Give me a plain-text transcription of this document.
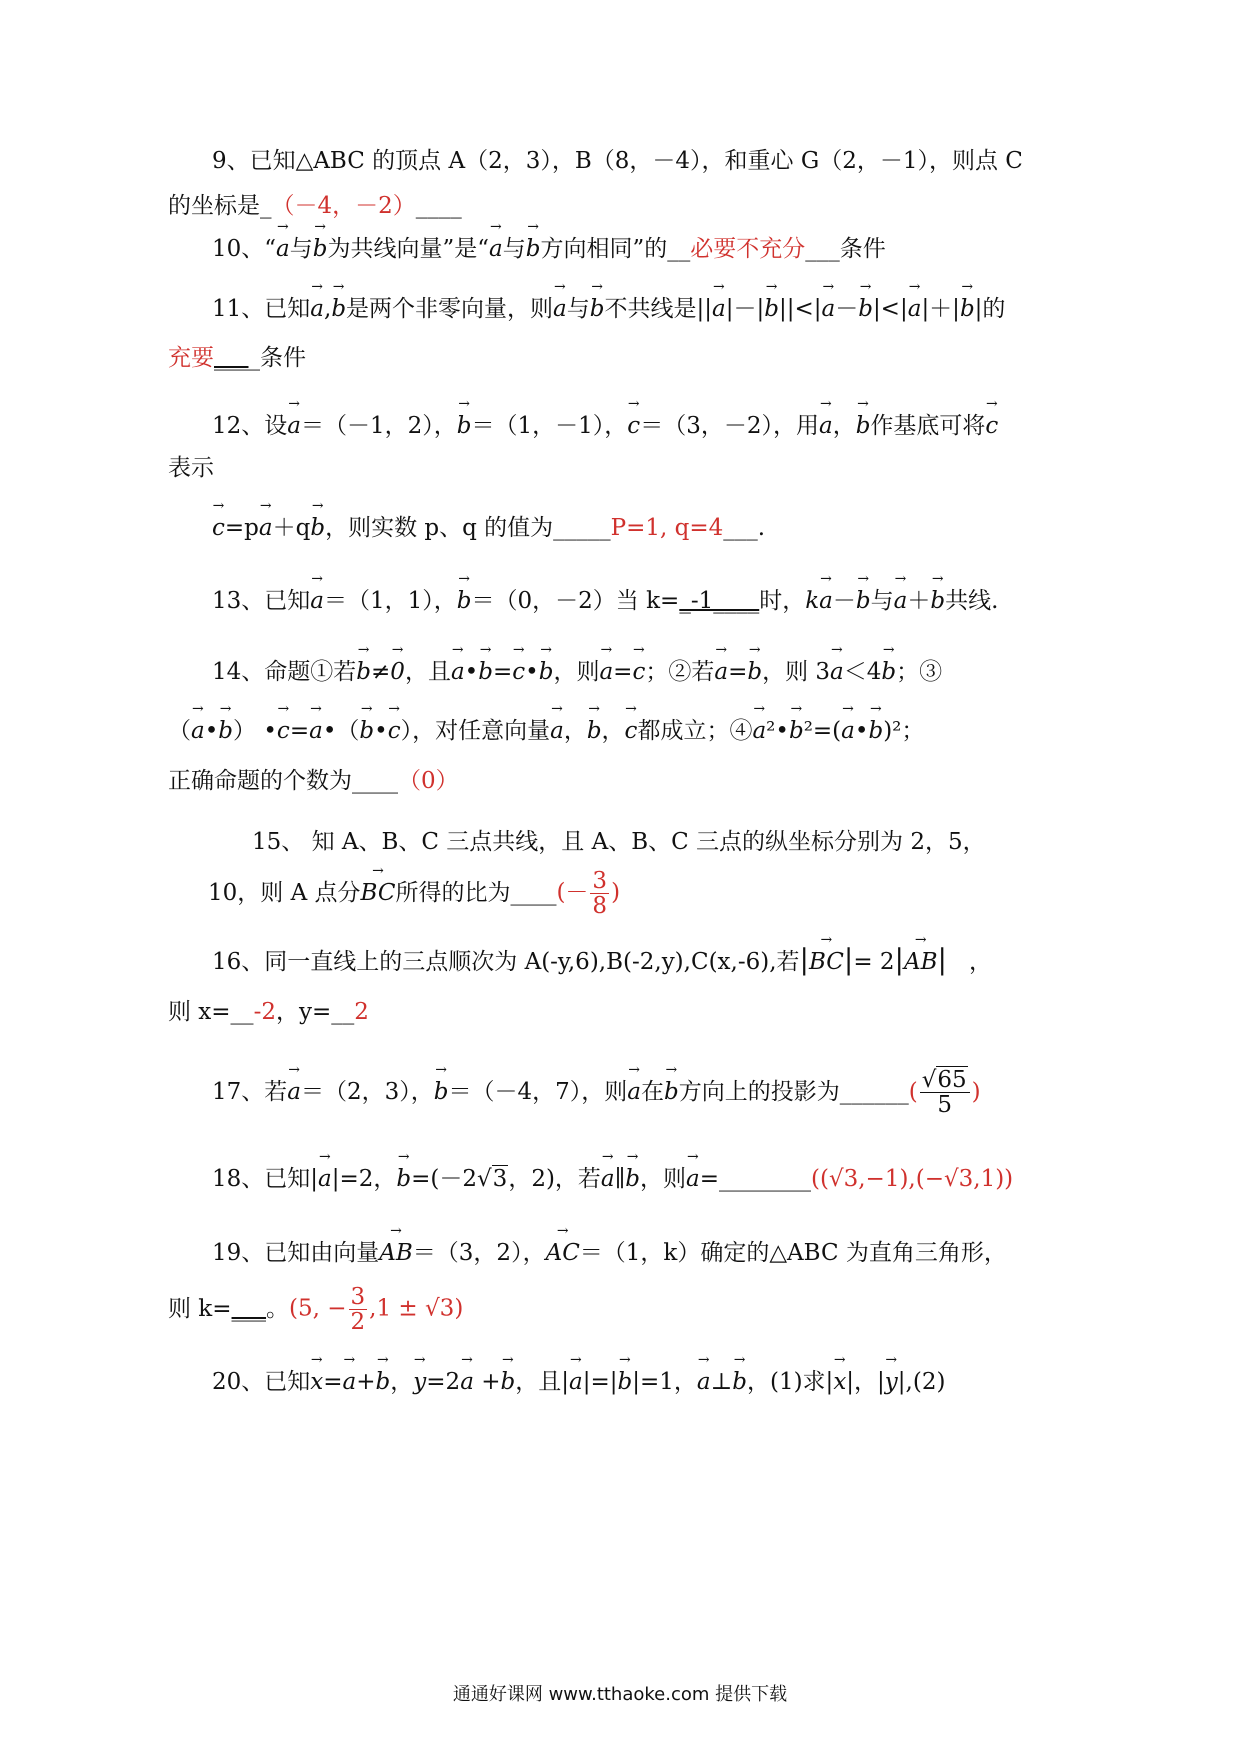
9、已知△ABC 的顶点 A（2，3），B（8，－4），和重心 G（2，－1），则点 C
的坐标是_（－4，－2）____
10、“→ a与→ b为共线向量”是“→ a与→ b方向相同”的__必要不充分___条件
11、已知→ a,→ b是两个非零向量，则→ a与→ b不共线是||→ a|－|→ b||<|→ a－→ b|<|→ a|＋|→ b|的
充要____条件
12、设→ a＝（－1，2），→ b＝（1，－1），→ c＝（3，－2），用→ a，→ b作基底可将→ c
表示
→ c=p→ a＋q→ b，则实数 p、q 的值为_____P=1, q=4___.
13、已知→ a＝（1，1），→ b＝（0，－2）当 k=_-1____时，k→ a－→ b与→ a＋→ b共线.
14、命题①若→ b≠→ 0，且→ a•→ b=→ c•→ b，则→ a=→ c；②若→ a=→ b，则 3→ a＜4→ b；③
（→ a•→ b） •→ c=→ a•（→ b•→ c），对任意向量→ a，→ b，→ c都成立；④→ a²•→ b²=(→ a•→ b)²；
正确命题的个数为____（0）
15、 知 A、B、C 三点共线，且 A、B、C 三点的纵坐标分别为 2，5，
10，则 A 点分 → BC 所得的比为____ (－ $\frac{3}{8}$ )
16、同一直线上的三点顺次为 A(-y,6),B(-2,y),C(x,-6),若|→ BC|= 2|→ AB| ，
则 x=__-2，y=__2
17、若 → a ＝（2，3）， → b ＝（－4，7），则 → a 在 → b 方向上的投影为______ ( $\frac{√65}{5}$ )
18、已知|→ a|=2，→ b=(－2√3，2)，若→ a∥→ b，则→ a=________((√3,−1),(−√3,1))
19、已知由向量→ AB＝（3，2），→ AC＝（1，k）确定的△ABC 为直角三角形，
则 k= ___ 。 (5, − $\frac{3}{2} ,1 \pm √3$)
20、已知→ x=→ a+→ b，→ y=2→ a +→ b，且|→ a|=|→ b|=1，→ a⊥→ b，(1)求|→ x|，|→ y|,(2)
通通好课网 www.tthaoke.com 提供下载
